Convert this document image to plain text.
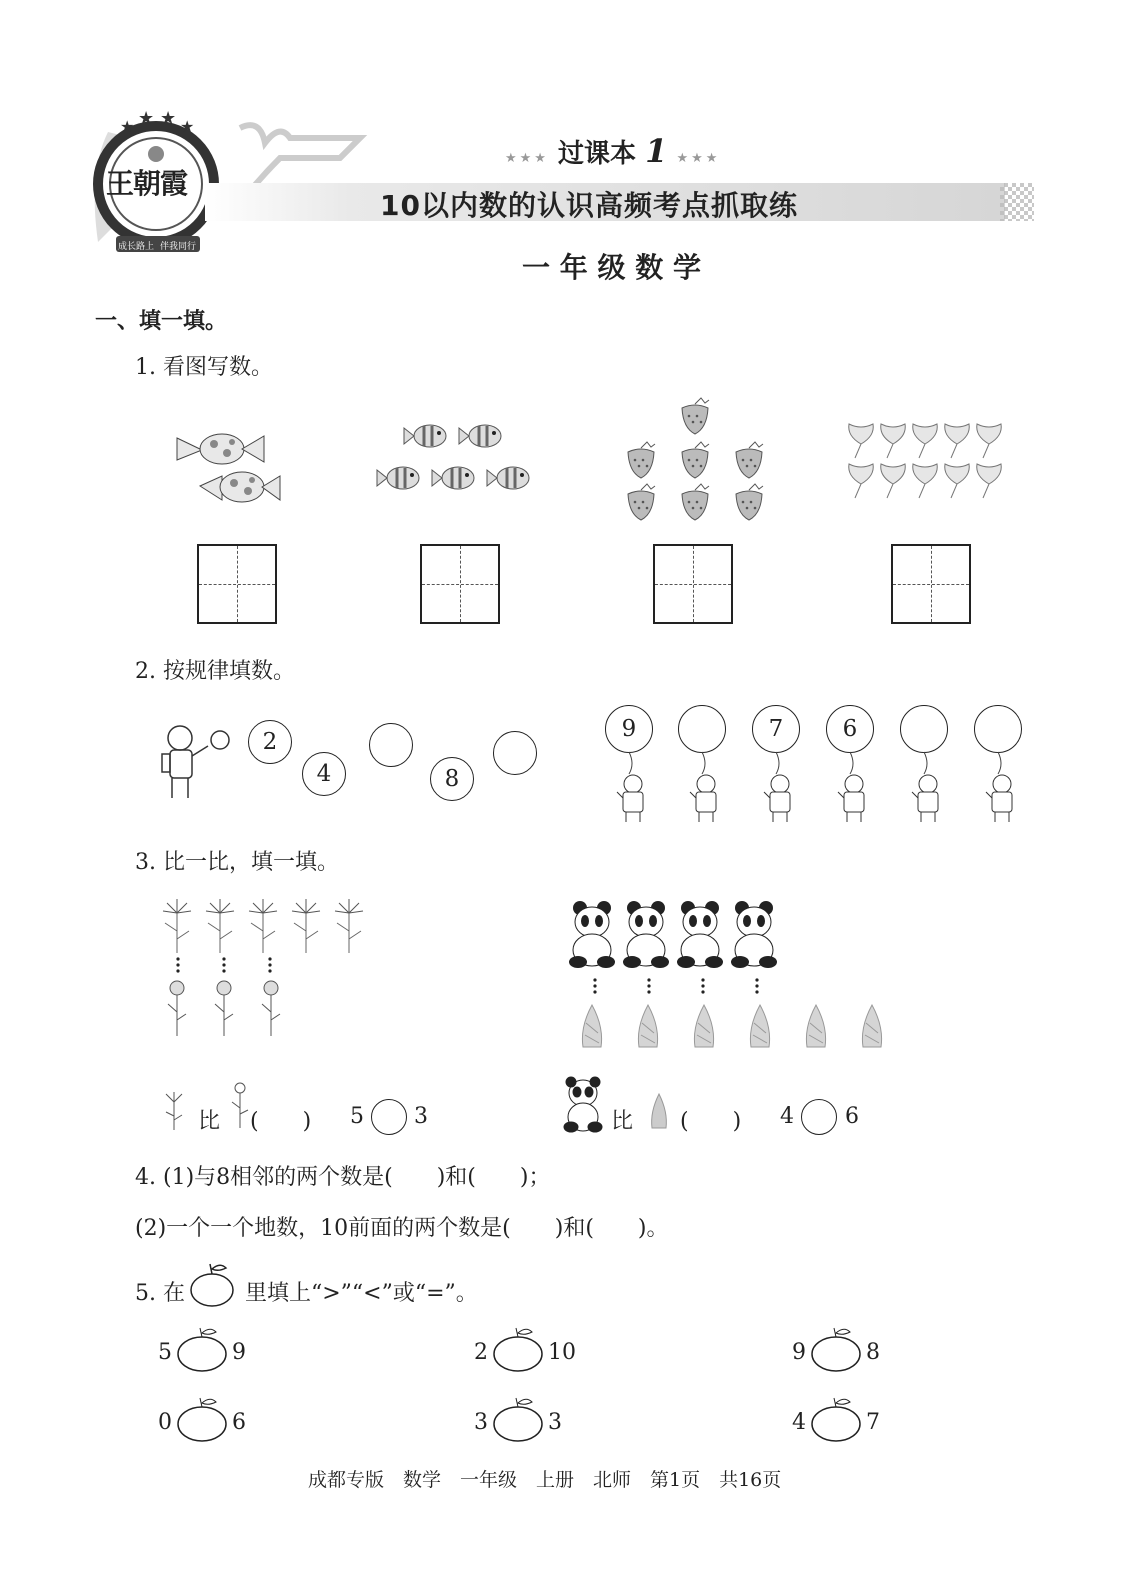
★ ★ ★ ★
王朝霞
成长路上 伴我同行
★★★ 过课本 1 ★★★
10以内数的认识高频考点抓取练
一 年 级 数 学
一、填一填。
1. 看图写数。
2. 按规律填数。
2
4	8
9	7	6
3. 比一比，填一填。
比 (　　) 5 3	比 (　　) 4 6
4. (1)与8相邻的两个数是(　　)和(　　)；
(2)一个一个地数，10前面的两个数是(　　)和(　　)。
5. 在	里填上“>”“<”或“=”。
5	9	2	10	9	8
0	6	3	3	4	7
成都专版　数学　一年级　上册　北师　第1页　共16页
